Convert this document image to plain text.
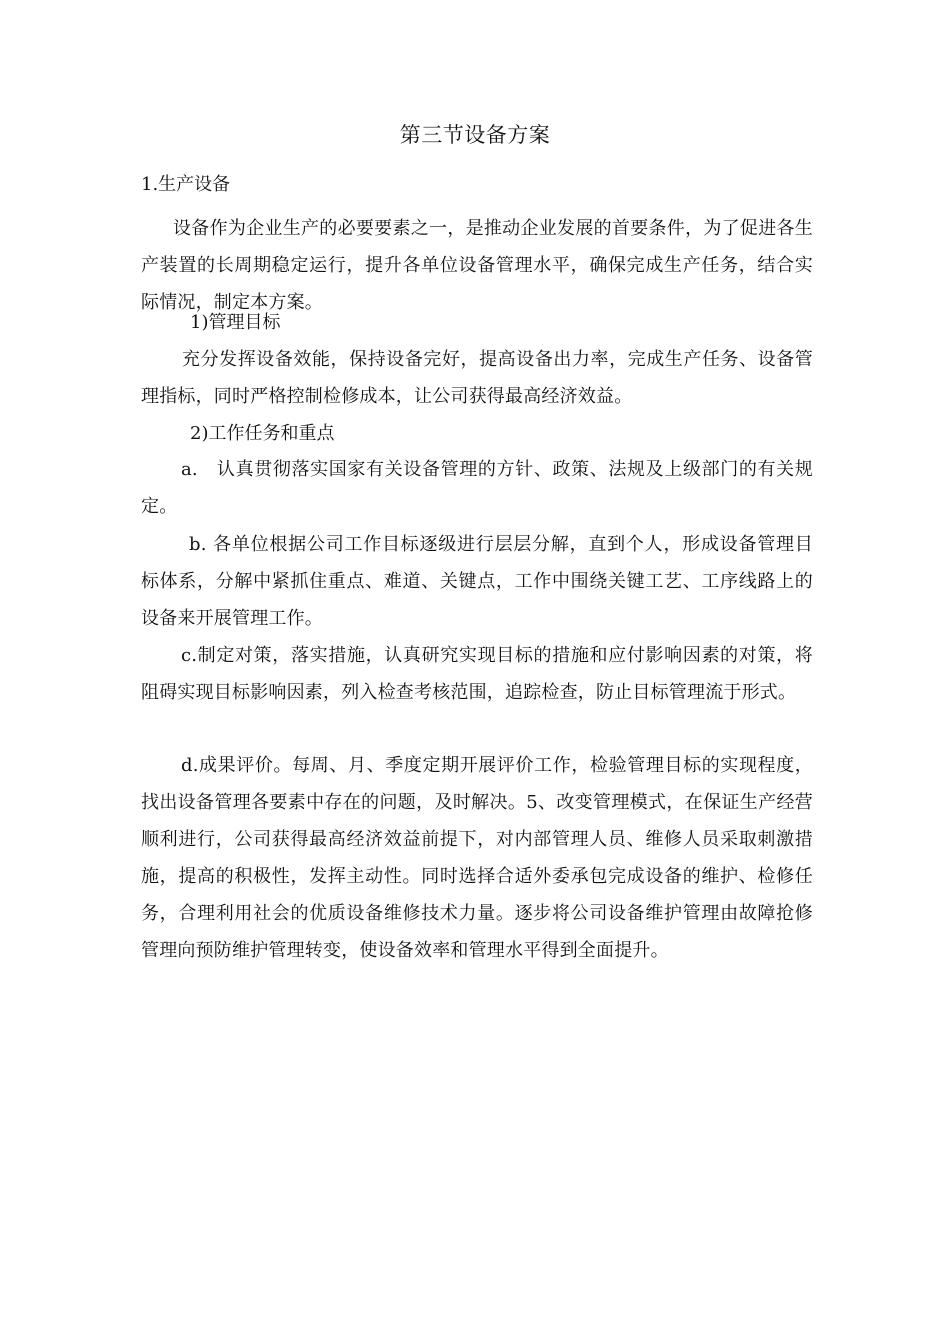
第三节设备方案
1.生产设备

设备作为企业生产的必要要素之一，是推动企业发展的首要条件，为了促进各生产装置的长周期稳定运行，提升各单位设备管理水平，确保完成生产任务，结合实际情况，制定本方案。

1)管理目标

充分发挥设备效能，保持设备完好，提高设备出力率，完成生产任务、设备管理指标，同时严格控制检修成本，让公司获得最高经济效益。

2)工作任务和重点

a.　认真贯彻落实国家有关设备管理的方针、政策、法规及上级部门的有关规定。

b. 各单位根据公司工作目标逐级进行层层分解，直到个人，形成设备管理目标体系，分解中紧抓住重点、难道、关键点，工作中围绕关键工艺、工序线路上的设备来开展管理工作。

c.制定对策，落实措施，认真研究实现目标的措施和应付影响因素的对策，将阻碍实现目标影响因素，列入检查考核范围，追踪检查，防止目标管理流于形式。

d.成果评价。每周、月、季度定期开展评价工作，检验管理目标的实现程度，找出设备管理各要素中存在的问题，及时解决。5、改变管理模式，在保证生产经营顺利进行，公司获得最高经济效益前提下，对内部管理人员、维修人员采取刺激措施，提高的积极性，发挥主动性。同时选择合适外委承包完成设备的维护、检修任务，合理利用社会的优质设备维修技术力量。逐步将公司设备维护管理由故障抢修管理向预防维护管理转变，使设备效率和管理水平得到全面提升。
